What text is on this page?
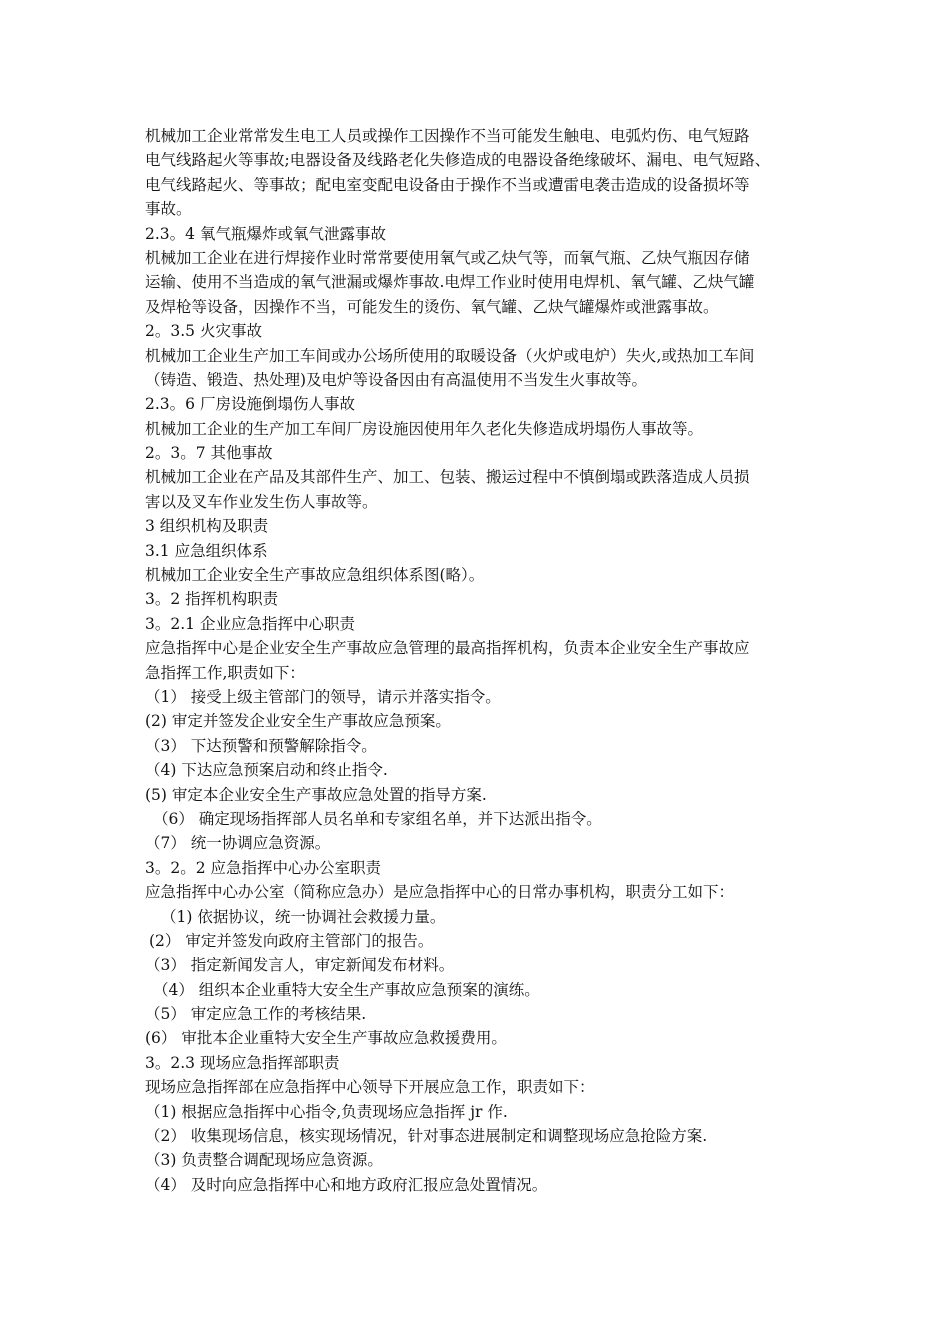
机械加工企业常常发生电工人员或操作工因操作不当可能发生触电、电弧灼伤、电气短路
电气线路起火等事故;电器设备及线路老化失修造成的电器设备绝缘破坏、漏电、电气短路、
电气线路起火、等事故；配电室变配电设备由于操作不当或遭雷电袭击造成的设备损坏等
事故。
2.3。4 氧气瓶爆炸或氧气泄露事故
机械加工企业在进行焊接作业时常常要使用氧气或乙炔气等，而氧气瓶、乙炔气瓶因存储
运输、使用不当造成的氧气泄漏或爆炸事故.电焊工作业时使用电焊机、氧气罐、乙炔气罐
及焊枪等设备，因操作不当，可能发生的烫伤、氧气罐、乙炔气罐爆炸或泄露事故。
2。3.5 火灾事故
机械加工企业生产加工车间或办公场所使用的取暖设备（火炉或电炉）失火,或热加工车间
（铸造、锻造、热处理)及电炉等设备因由有高温使用不当发生火事故等。
2.3。6 厂房设施倒塌伤人事故
机械加工企业的生产加工车间厂房设施因使用年久老化失修造成坍塌伤人事故等。
2。3。7 其他事故
机械加工企业在产品及其部件生产、加工、包装、搬运过程中不慎倒塌或跌落造成人员损
害以及叉车作业发生伤人事故等。
3 组织机构及职责
3.1 应急组织体系
机械加工企业安全生产事故应急组织体系图(略）。
3。2 指挥机构职责
3。2.1 企业应急指挥中心职责
应急指挥中心是企业安全生产事故应急管理的最高指挥机构，负责本企业安全生产事故应
急指挥工作,职责如下：
（1） 接受上级主管部门的领导，请示并落实指令。
(2) 审定并签发企业安全生产事故应急预案。
（3） 下达预警和预警解除指令。
（4) 下达应急预案启动和终止指令.
(5) 审定本企业安全生产事故应急处置的指导方案.
（6） 确定现场指挥部人员名单和专家组名单，并下达派出指令。
（7） 统一协调应急资源。
3。2。2 应急指挥中心办公室职责
应急指挥中心办公室（简称应急办）是应急指挥中心的日常办事机构，职责分工如下：
（1) 依据协议，统一协调社会救援力量。
(2） 审定并签发向政府主管部门的报告。
（3） 指定新闻发言人，审定新闻发布材料。
（4） 组织本企业重特大安全生产事故应急预案的演练。
（5） 审定应急工作的考核结果.
(6） 审批本企业重特大安全生产事故应急救援费用。
3。2.3 现场应急指挥部职责
现场应急指挥部在应急指挥中心领导下开展应急工作，职责如下：
（1) 根据应急指挥中心指令,负责现场应急指挥 jr 作.
（2） 收集现场信息，核实现场情况，针对事态进展制定和调整现场应急抢险方案.
（3) 负责整合调配现场应急资源。
（4） 及时向应急指挥中心和地方政府汇报应急处置情况。
